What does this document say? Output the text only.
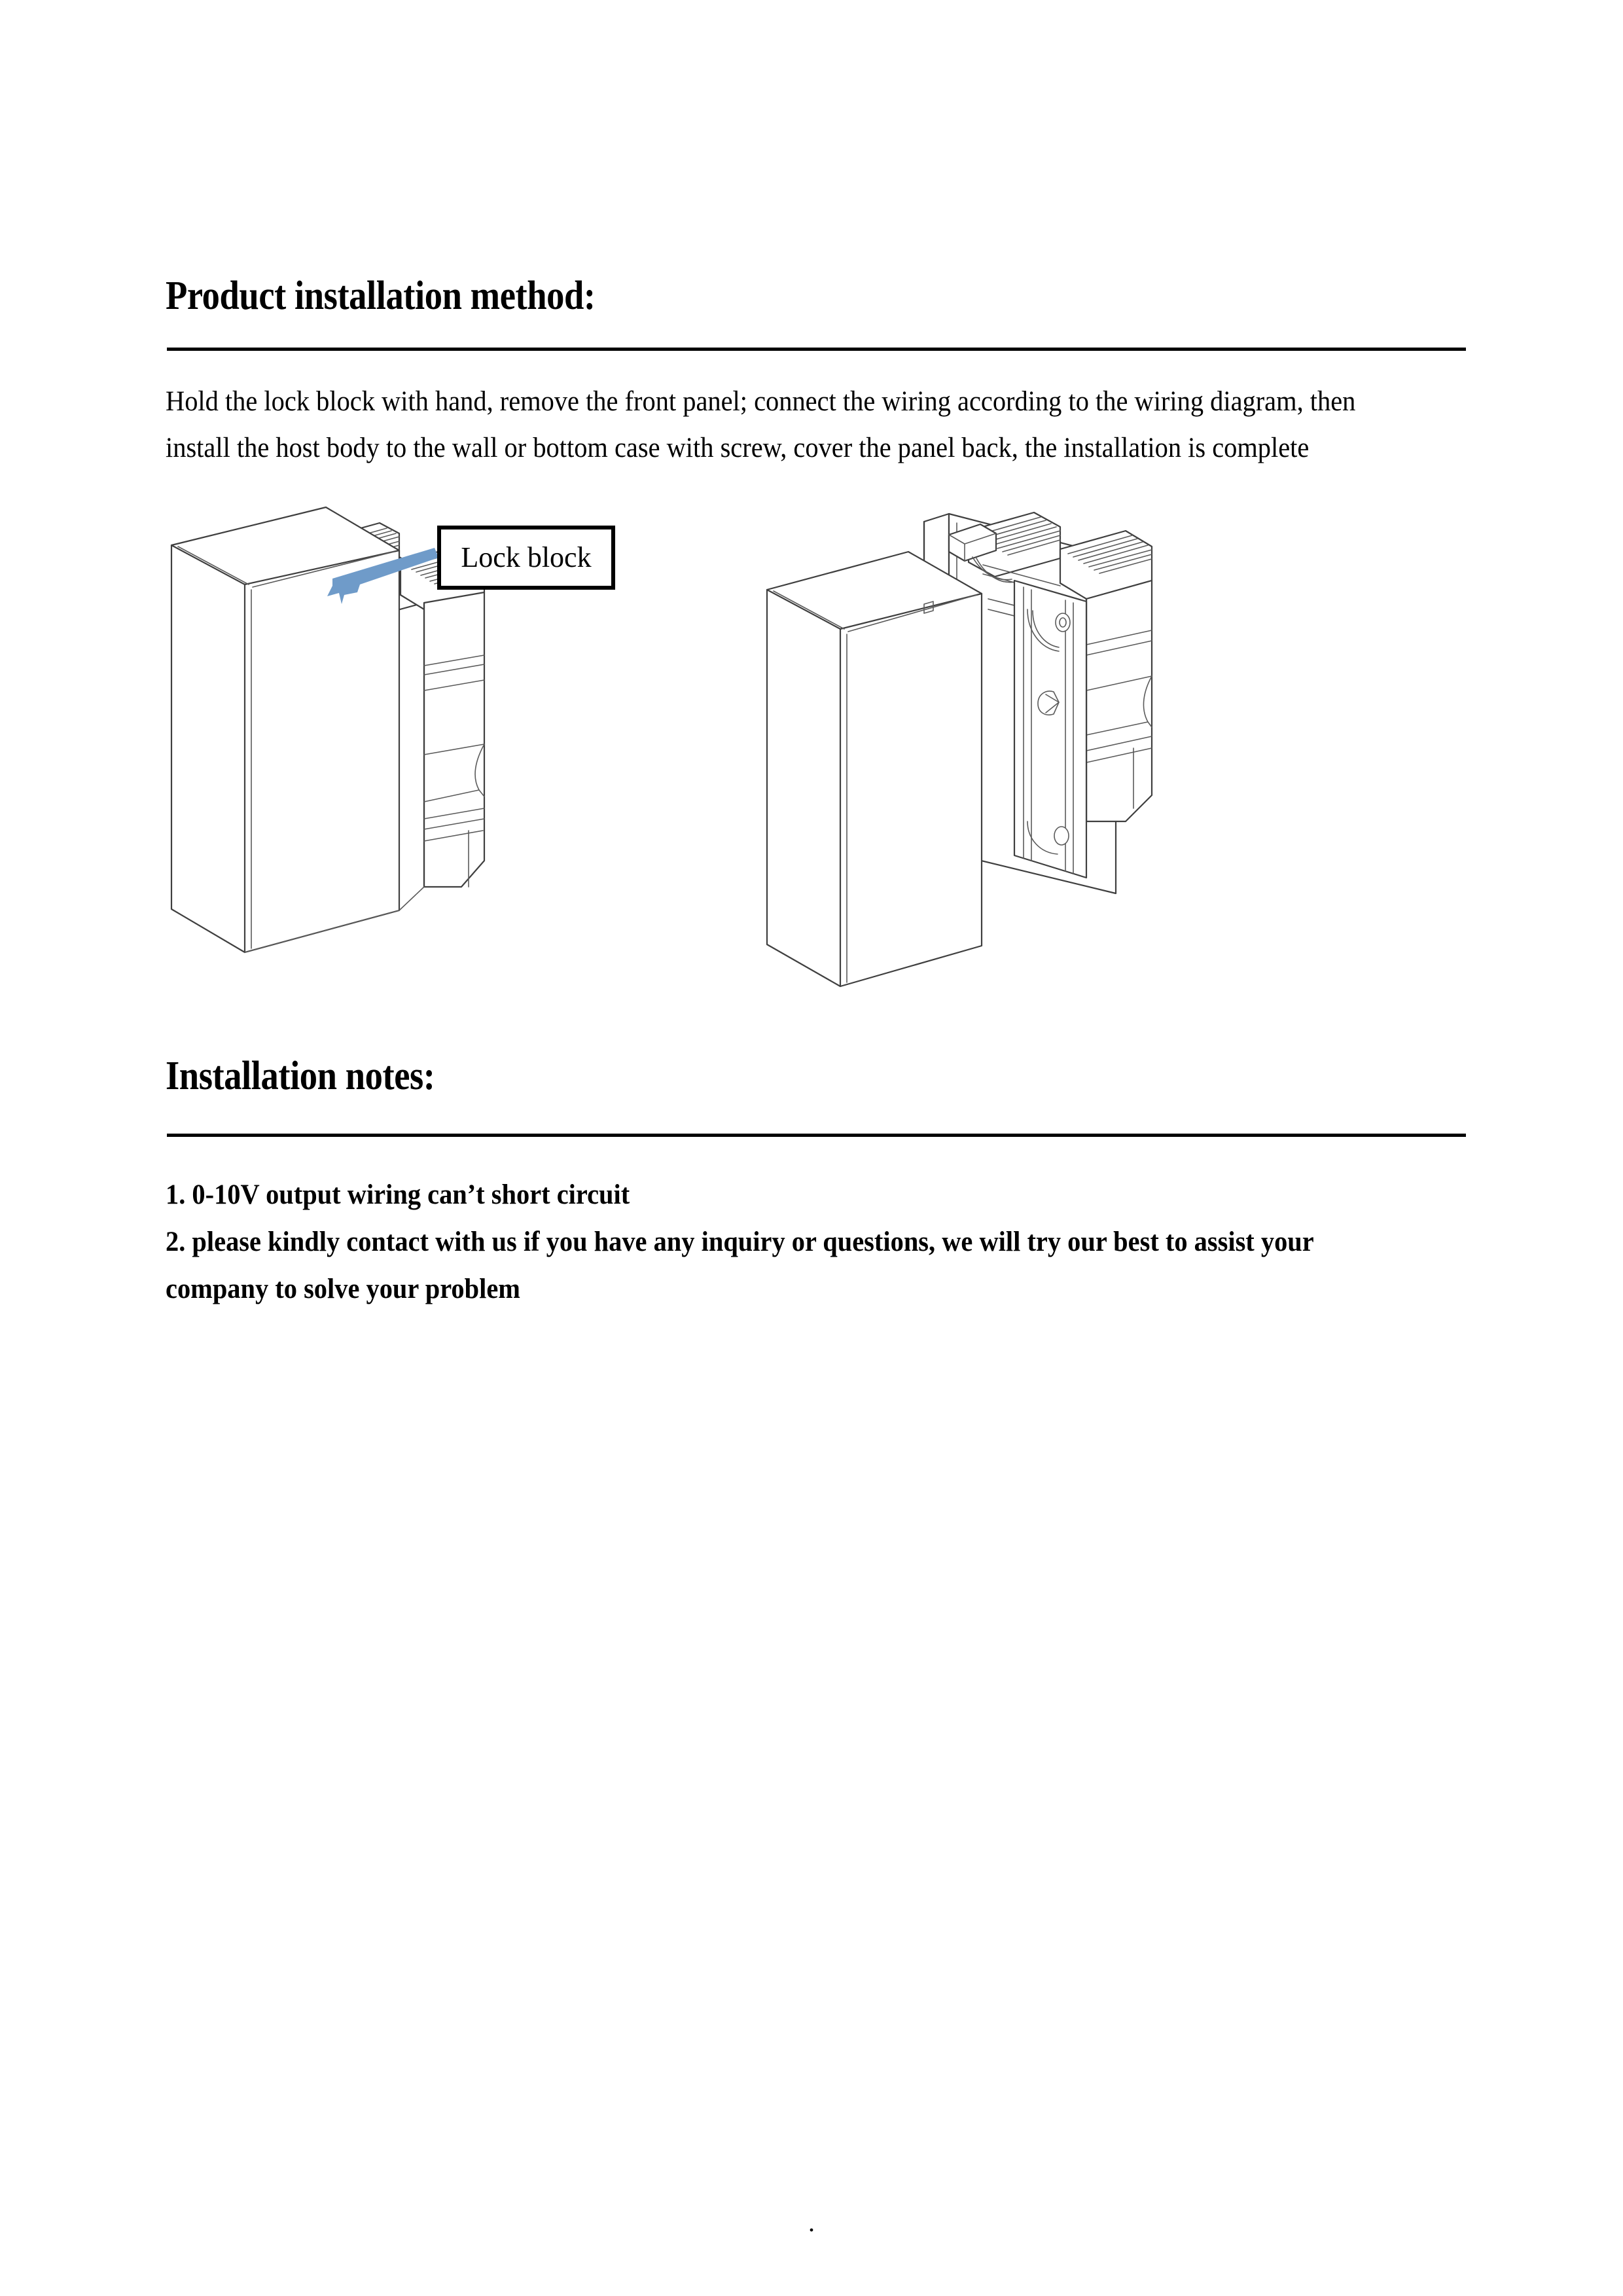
Product installation method:
Hold the lock block with hand, remove the front panel; connect the wiring according to the wiring diagram, then install the host body to the wall or bottom case with screw, cover the panel back, the installation is complete
Lock block
Installation notes:

1. 0-10V output wiring can’t short circuit

2. please kindly contact with us if you have any inquiry or questions, we will try our best to assist your company to solve your problem

.
